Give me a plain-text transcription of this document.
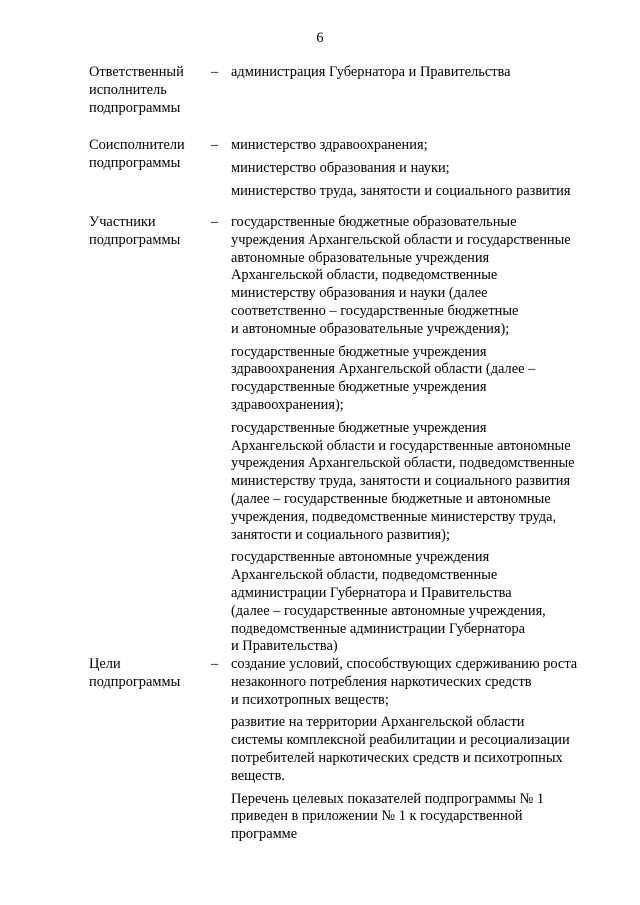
6
Ответственный
исполнитель
подпрограммы
– администрация Губернатора и Правительства
Соисполнители
подпрограммы
– министерство здравоохранения;
министерство образования и науки;
министерство труда, занятости и социального развития
Участники
подпрограммы
– государственные бюджетные образовательные
учреждения Архангельской области и государственные
автономные образовательные учреждения
Архангельской области, подведомственные
министерству образования и науки (далее
соответственно – государственные бюджетные
и автономные образовательные учреждения);
государственные бюджетные учреждения
здравоохранения Архангельской области (далее –
государственные бюджетные учреждения
здравоохранения);
государственные бюджетные учреждения
Архангельской области и государственные автономные
учреждения Архангельской области, подведомственные
министерству труда, занятости и социального развития
(далее – государственные бюджетные и автономные
учреждения, подведомственные министерству труда,
занятости и социального развития);
государственные автономные учреждения
Архангельской области, подведомственные
администрации Губернатора и Правительства
(далее – государственные автономные учреждения,
подведомственные администрации Губернатора
и Правительства)
Цели
подпрограммы
– создание условий, способствующих сдерживанию роста
незаконного потребления наркотических средств
и психотропных веществ;
развитие на территории Архангельской области
системы комплексной реабилитации и ресоциализации
потребителей наркотических средств и психотропных
веществ.
Перечень целевых показателей подпрограммы № 1
приведен в приложении № 1 к государственной
программе
